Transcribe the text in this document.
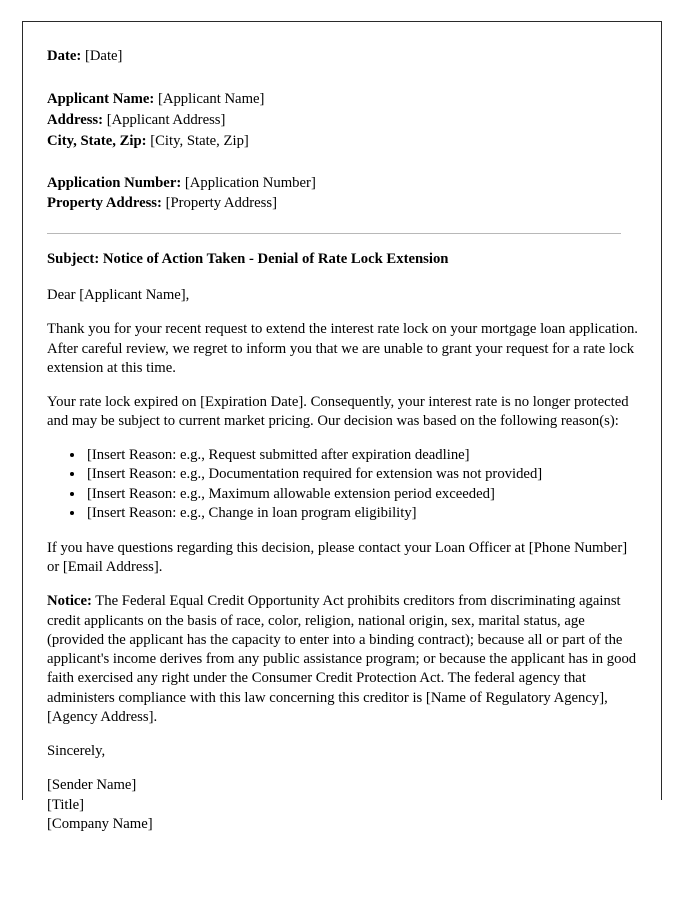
Date: [Date]

Applicant Name: [Applicant Name]

Address: [Applicant Address]

City, State, Zip: [City, State, Zip]

Application Number: [Application Number]

Property Address: [Property Address]

Subject: Notice of Action Taken - Denial of Rate Lock Extension

Dear [Applicant Name],

Thank you for your recent request to extend the interest rate lock on your mortgage loan application. After careful review, we regret to inform you that we are unable to grant your request for a rate lock extension at this time.

Your rate lock expired on [Expiration Date]. Consequently, your interest rate is no longer protected and may be subject to current market pricing. Our decision was based on the following reason(s):

• [Insert Reason: e.g., Request submitted after expiration deadline]
• [Insert Reason: e.g., Documentation required for extension was not provided]
• [Insert Reason: e.g., Maximum allowable extension period exceeded]
• [Insert Reason: e.g., Change in loan program eligibility]

If you have questions regarding this decision, please contact your Loan Officer at [Phone Number] or [Email Address].

Notice: The Federal Equal Credit Opportunity Act prohibits creditors from discriminating against credit applicants on the basis of race, color, religion, national origin, sex, marital status, age (provided the applicant has the capacity to enter into a binding contract); because all or part of the applicant's income derives from any public assistance program; or because the applicant has in good faith exercised any right under the Consumer Credit Protection Act. The federal agency that administers compliance with this law concerning this creditor is [Name of Regulatory Agency], [Agency Address].

Sincerely,

[Sender Name]

[Title]

[Company Name]
